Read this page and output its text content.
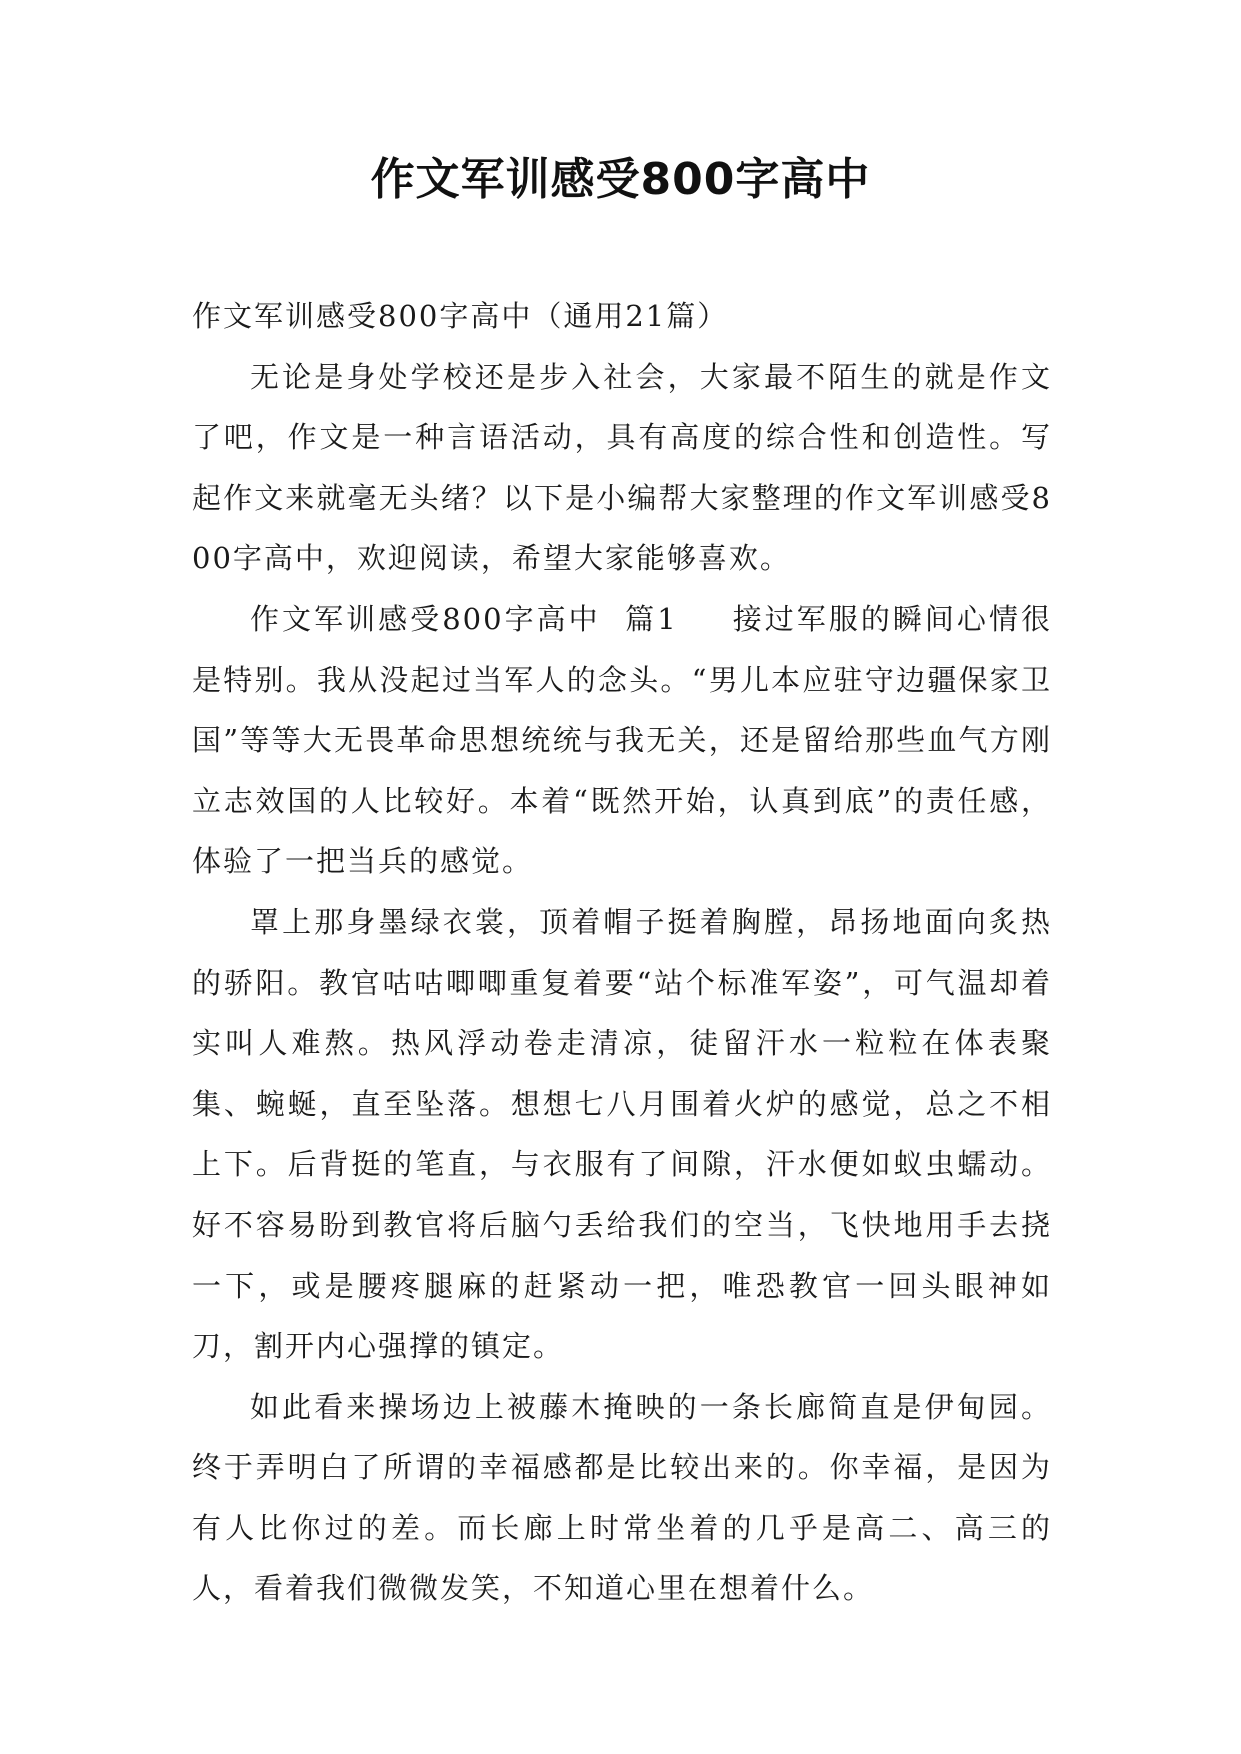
作文军训感受800字高中

作文军训感受800字高中（通用21篇）

无论是身处学校还是步入社会，大家最不陌生的就是作文了吧，作文是一种言语活动，具有高度的综合性和创造性。写起作文来就毫无头绪？以下是小编帮大家整理的作文军训感受800字高中，欢迎阅读，希望大家能够喜欢。

作文军训感受800字高中  篇1 接过军服的瞬间心情很是特别。我从没起过当军人的念头。“男儿本应驻守边疆保家卫国”等等大无畏革命思想统统与我无关，还是留给那些血气方刚立志效国的人比较好。本着“既然开始，认真到底”的责任感，体验了一把当兵的感觉。

罩上那身墨绿衣裳，顶着帽子挺着胸膛，昂扬地面向炙热的骄阳。教官咕咕唧唧重复着要“站个标准军姿”，可气温却着实叫人难熬。热风浮动卷走清凉，徒留汗水一粒粒在体表聚集、蜿蜒，直至坠落。想想七八月围着火炉的感觉，总之不相上下。后背挺的笔直，与衣服有了间隙，汗水便如蚁虫蠕动。好不容易盼到教官将后脑勺丢给我们的空当，飞快地用手去挠一下，或是腰疼腿麻的赶紧动一把，唯恐教官一回头眼神如刀，割开内心强撑的镇定。

如此看来操场边上被藤木掩映的一条长廊简直是伊甸园。终于弄明白了所谓的幸福感都是比较出来的。你幸福，是因为有人比你过的差。而长廊上时常坐着的几乎是高二、高三的人，看着我们微微发笑，不知道心里在想着什么。
